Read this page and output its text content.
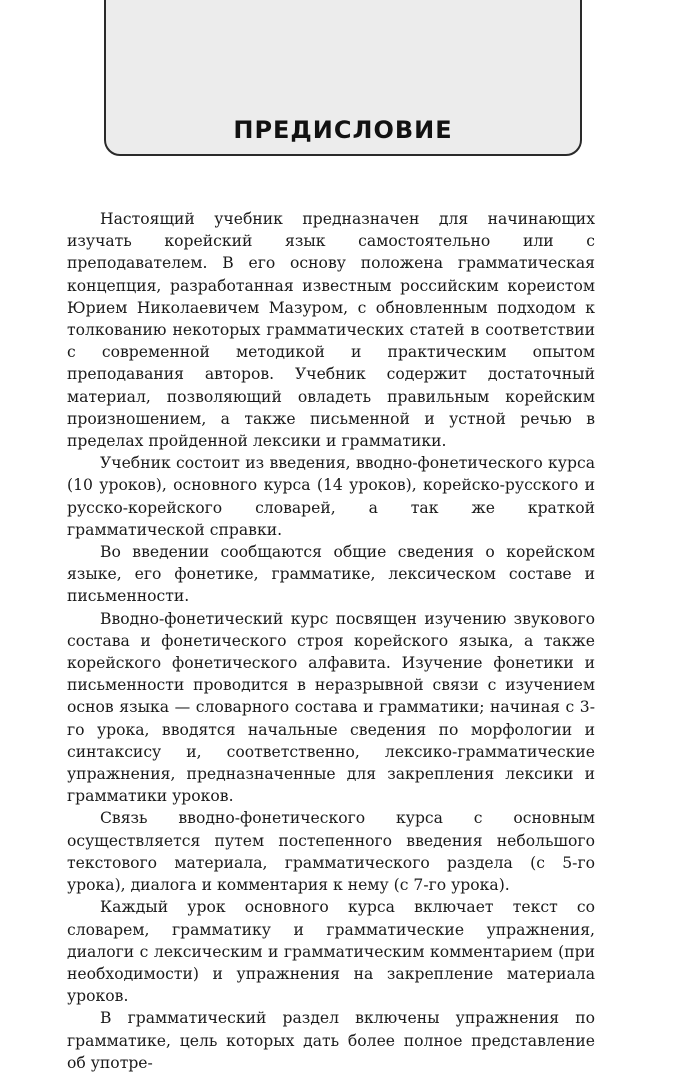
ПРЕДИСЛОВИЕ

Настоящий учебник предназначен для начинающих изучать корейский язык самостоятельно или с преподавателем. В его основу положена грамматическая концепция, разработанная известным российским кореистом Юрием Николаевичем Мазуром, с обновленным подходом к толкованию некоторых грамматических статей в соответствии с современной методикой и практическим опытом преподавания авторов. Учебник содержит достаточный материал, позволяющий овладеть правильным корейским произношением, а также письменной и устной речью в пределах пройденной лексики и грамматики.

Учебник состоит из введения, вводно-фонетического курса (10 уроков), основного курса (14 уроков), корейско-русского и русско-корейского словарей, а так же краткой грамматической справки.

Во введении сообщаются общие сведения о корейском языке, его фонетике, грамматике, лексическом составе и письменности.

Вводно-фонетический курс посвящен изучению звукового состава и фонетического строя корейского языка, а также корейского фонетического алфавита. Изучение фонетики и письменности проводится в неразрывной связи с изучением основ языка — словарного состава и грамматики; начиная с 3-го урока, вводятся начальные сведения по морфологии и синтаксису и, соответственно, лексико-грамматические упражнения, предназначенные для закрепления лексики и грамматики уроков.

Связь вводно-фонетического курса с основным осуществляется путем постепенного введения небольшого текстового материала, грамматического раздела (с 5-го урока), диалога и комментария к нему (с 7-го урока).

Каждый урок основного курса включает текст со словарем, грамматику и грамматические упражнения, диалоги с лексическим и грамматическим комментарием (при необходимости) и упражнения на закрепление материала уроков.

В грамматический раздел включены упражнения по грамматике, цель которых дать более полное представление об употре-
